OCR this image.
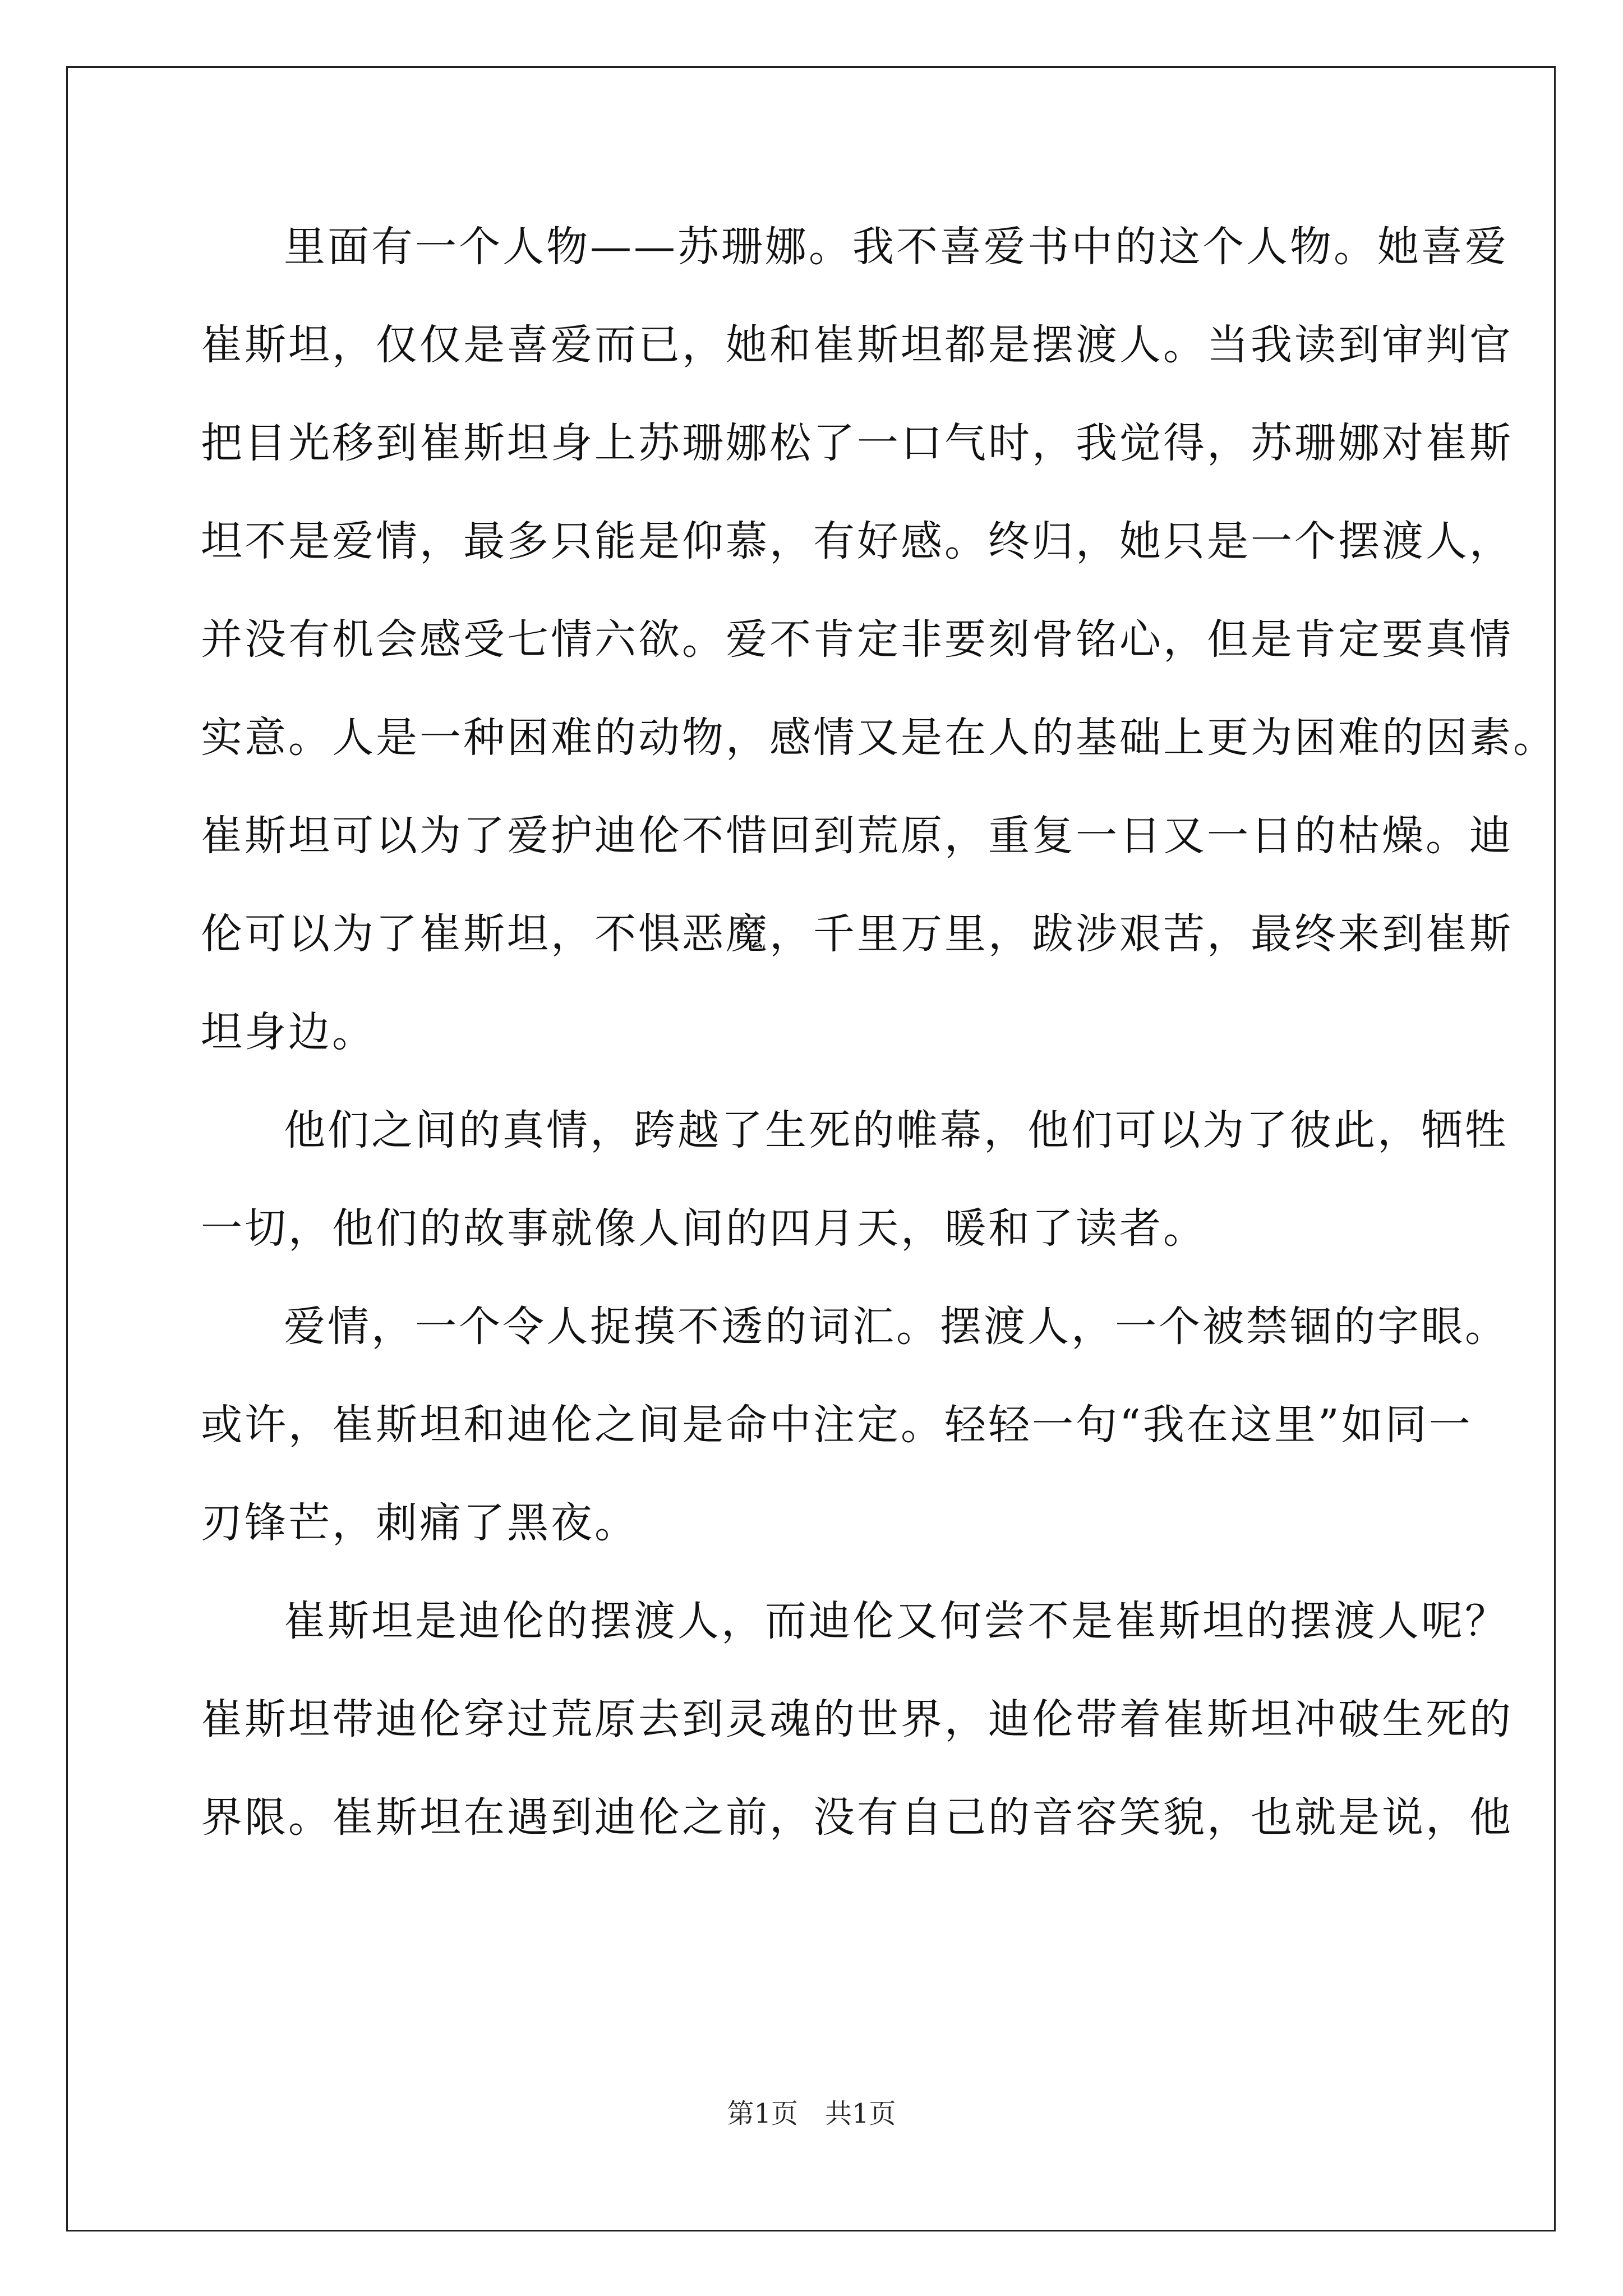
里面有一个人物——苏珊娜。我不喜爱书中的这个人物。她喜爱
崔斯坦，仅仅是喜爱而已，她和崔斯坦都是摆渡人。当我读到审判官
把目光移到崔斯坦身上苏珊娜松了一口气时，我觉得，苏珊娜对崔斯
坦不是爱情，最多只能是仰慕，有好感。终归，她只是一个摆渡人，
并没有机会感受七情六欲。爱不肯定非要刻骨铭心，但是肯定要真情
实意。人是一种困难的动物，感情又是在人的基础上更为困难的因素。
崔斯坦可以为了爱护迪伦不惜回到荒原，重复一日又一日的枯燥。迪
伦可以为了崔斯坦，不惧恶魔，千里万里，跋涉艰苦，最终来到崔斯
坦身边。
他们之间的真情，跨越了生死的帷幕，他们可以为了彼此，牺牲
一切，他们的故事就像人间的四月天，暖和了读者。
爱情，一个令人捉摸不透的词汇。摆渡人，一个被禁锢的字眼。
或许，崔斯坦和迪伦之间是命中注定。轻轻一句“我在这里”如同一
刃锋芒，刺痛了黑夜。
崔斯坦是迪伦的摆渡人，而迪伦又何尝不是崔斯坦的摆渡人呢？
崔斯坦带迪伦穿过荒原去到灵魂的世界，迪伦带着崔斯坦冲破生死的
界限。崔斯坦在遇到迪伦之前，没有自己的音容笑貌，也就是说，他
第1页　共1页
